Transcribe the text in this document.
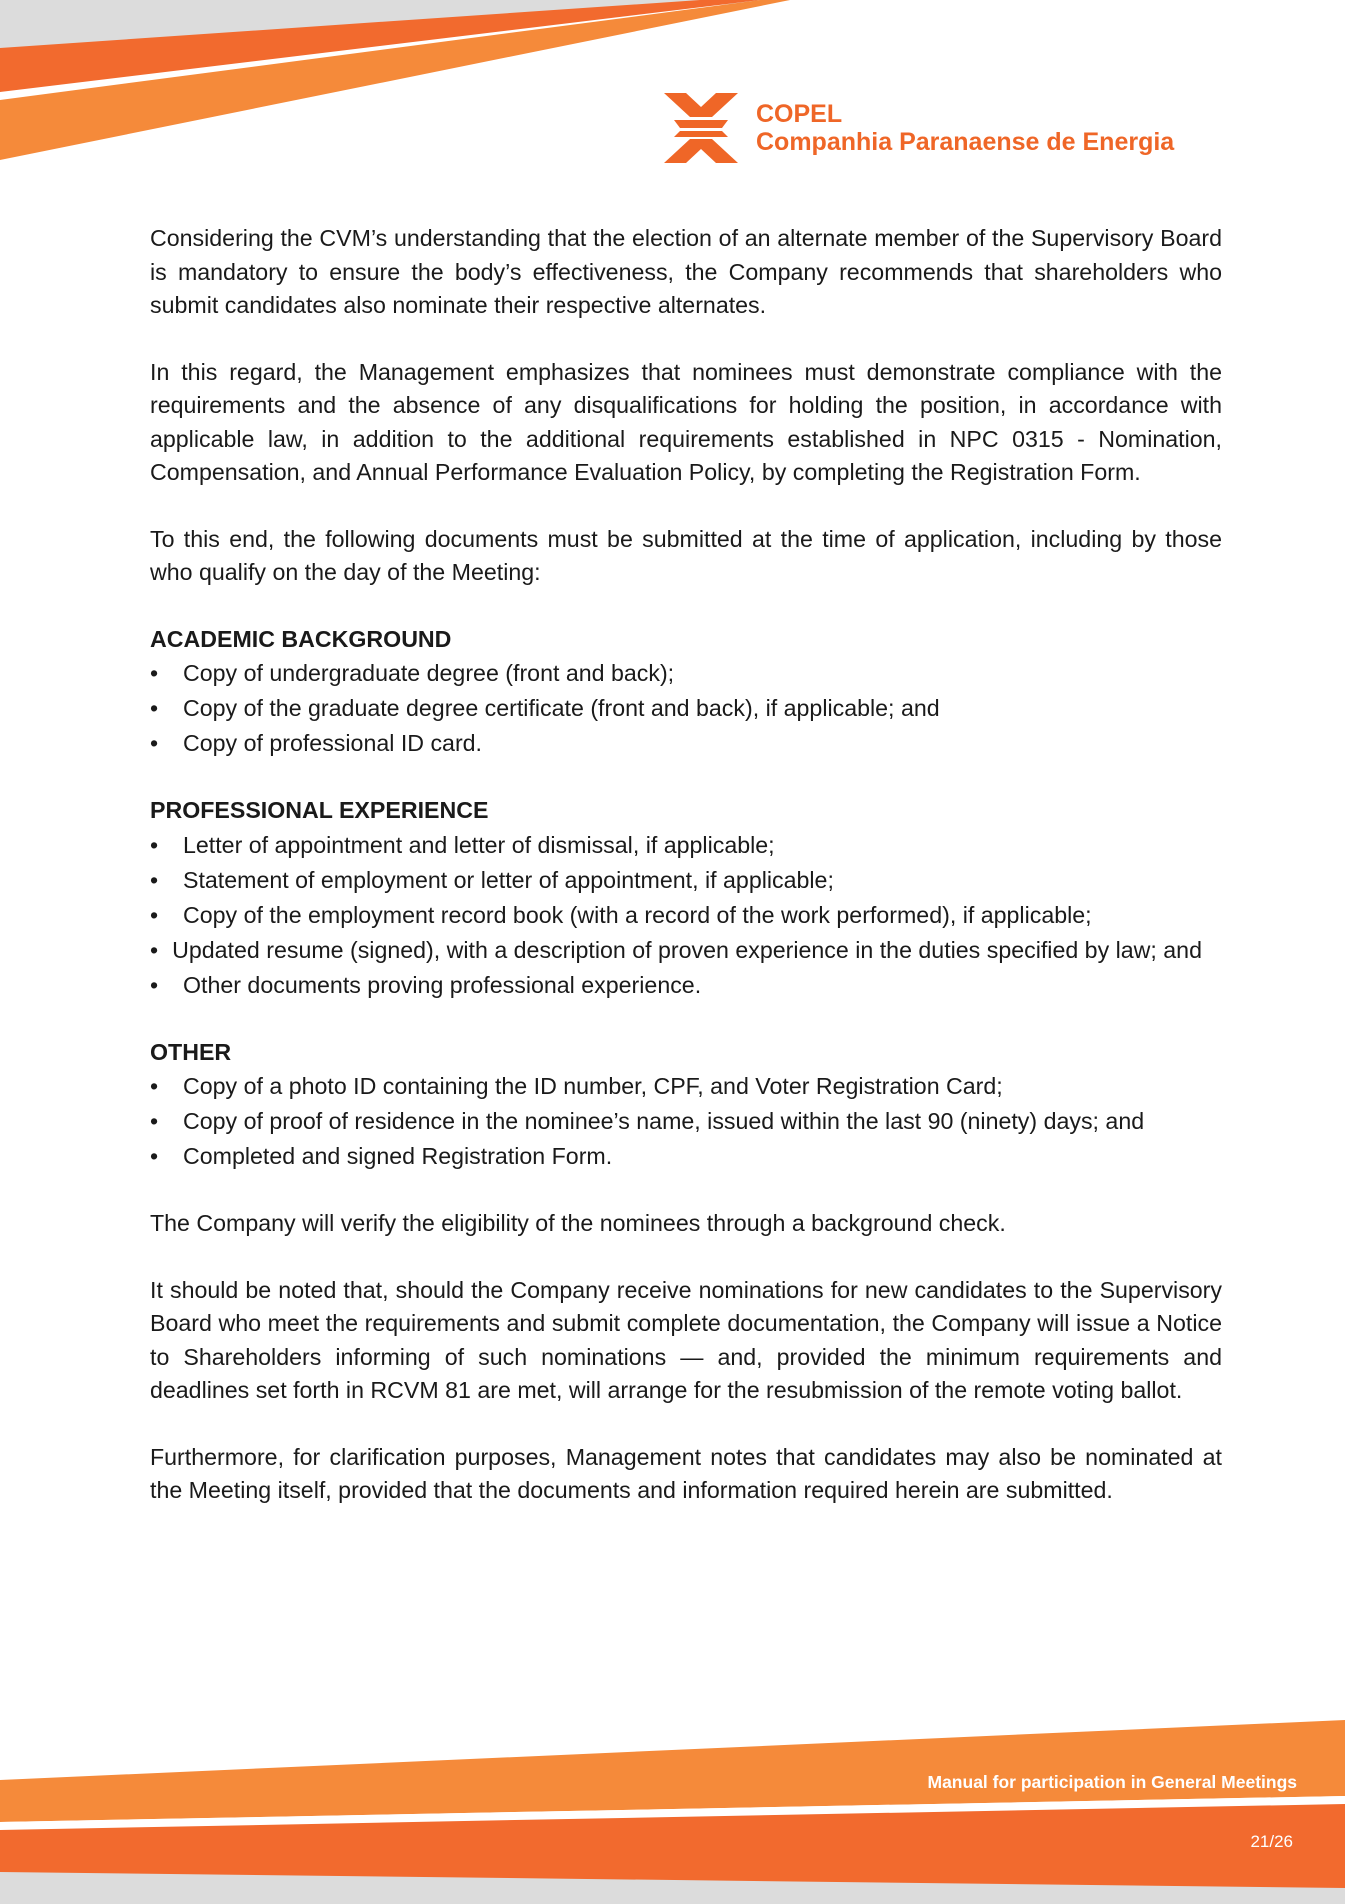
COPEL
Companhia Paranaense de Energia

Considering the CVM’s understanding that the election of an alternate member of the Supervisory Board is mandatory to ensure the body’s effectiveness, the Company recommends that shareholders who submit candidates also nominate their respective alternates.

In this regard, the Management emphasizes that nominees must demonstrate compliance with the requirements and the absence of any disqualifications for holding the position, in accordance with applicable law, in addition to the additional requirements established in NPC 0315 - Nomination, Compensation, and Annual Performance Evaluation Policy, by completing the Registration Form.

To this end, the following documents must be submitted at the time of application, including by those who qualify on the day of the Meeting:

ACADEMIC BACKGROUND
• Copy of undergraduate degree (front and back);
• Copy of the graduate degree certificate (front and back), if applicable; and
• Copy of professional ID card.
PROFESSIONAL EXPERIENCE
• Letter of appointment and letter of dismissal, if applicable;
• Statement of employment or letter of appointment, if applicable;
• Copy of the employment record book (with a record of the work performed), if applicable;
• Updated resume (signed), with a description of proven experience in the duties specified by law; and
• Other documents proving professional experience.
OTHER
• Copy of a photo ID containing the ID number, CPF, and Voter Registration Card;
• Copy of proof of residence in the nominee’s name, issued within the last 90 (ninety) days; and
• Completed and signed Registration Form.

The Company will verify the eligibility of the nominees through a background check.

It should be noted that, should the Company receive nominations for new candidates to the Supervisory Board who meet the requirements and submit complete documentation, the Company will issue a Notice to Shareholders informing of such nominations — and, provided the minimum requirements and deadlines set forth in RCVM 81 are met, will arrange for the resubmission of the remote voting ballot.

Furthermore, for clarification purposes, Management notes that candidates may also be nominated at the Meeting itself, provided that the documents and information required herein are submitted.

Manual for participation in General Meetings
21/26
